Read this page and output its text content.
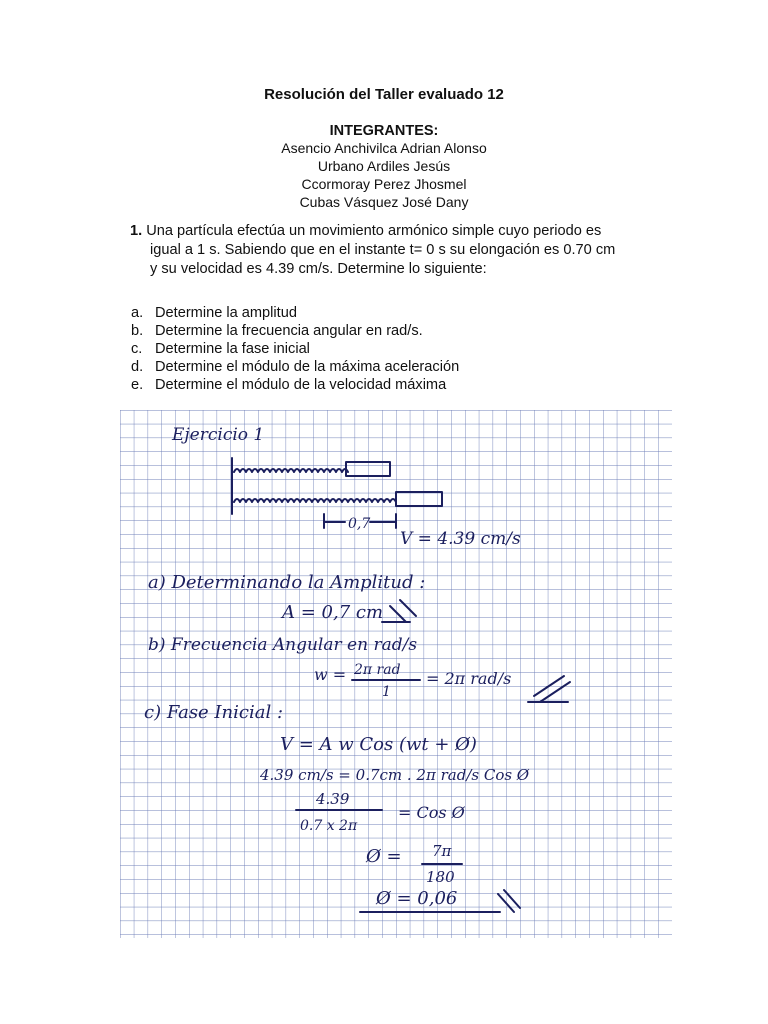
Resolución del Taller evaluado 12
INTEGRANTES:
Asencio Anchivilca Adrian Alonso
Urbano Ardiles Jesús
Ccormoray Perez Jhosmel
Cubas Vásquez José Dany
1. Una partícula efectúa un movimiento armónico simple cuyo periodo es
igual a 1 s. Sabiendo que en el instante t= 0 s su elongación es 0.70 cm
y su velocidad es 4.39 cm/s. Determine lo siguiente:
a. Determine la amplitud
b. Determine la frecuencia angular en rad/s.
c. Determine la fase inicial
d. Determine el módulo de la máxima aceleración
e. Determine el módulo de la velocidad máxima
Ejercicio 1
0,7
V = 4.39 cm/s
a) Determinando la Amplitud :
A = 0,7 cm
b) Frecuencia Angular en rad/s
w = 2π rad
1
= 2π rad/s
c) Fase Inicial :
V = A w Cos (wt + Ø)
4.39 cm/s = 0.7cm . 2π rad/s Cos Ø
4.39
0.7 x 2π
= Cos Ø
Ø = 7π
180
Ø = 0,06
